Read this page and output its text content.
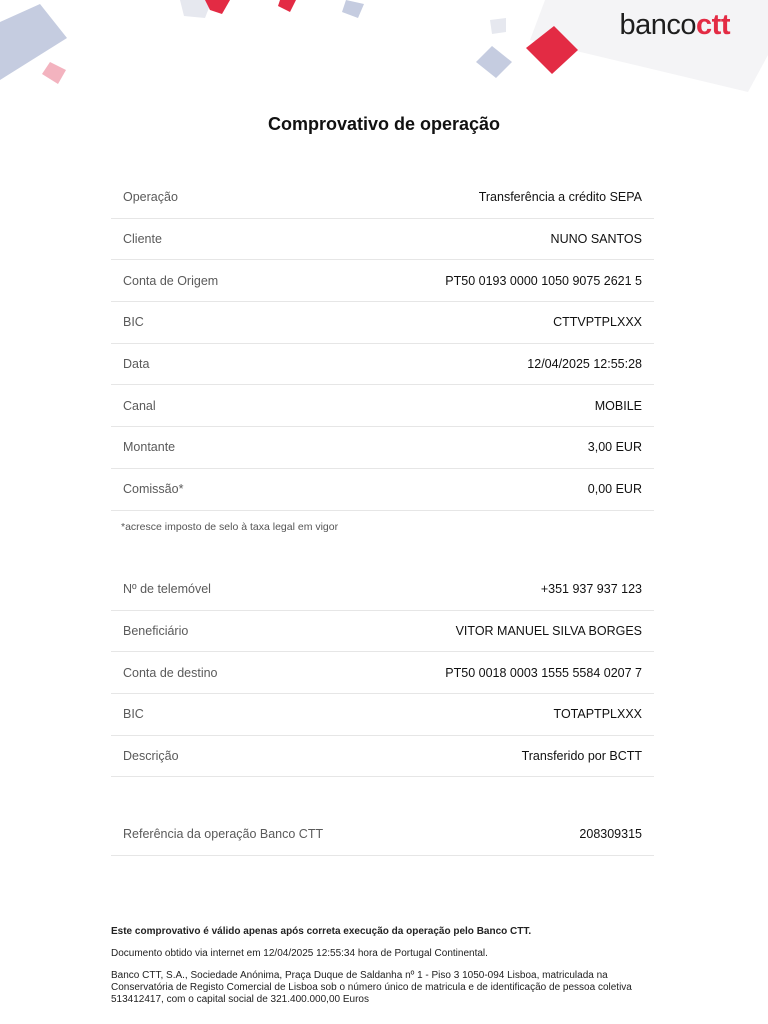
bancoctt
Comprovativo de operação
Operação	Transferência a crédito SEPA
Cliente	NUNO SANTOS
Conta de Origem	PT50 0193 0000 1050 9075 2621 5
BIC	CTTVPTPLXXX
Data	12/04/2025 12:55:28
Canal	MOBILE
Montante	3,00 EUR
Comissão*	0,00 EUR
*acresce imposto de selo à taxa legal em vigor
Nº de telemóvel	+351 937 937 123
Beneficiário	VITOR MANUEL SILVA BORGES
Conta de destino	PT50 0018 0003 1555 5584 0207 7
BIC	TOTAPTPLXXX
Descrição	Transferido por BCTT
Referência da operação Banco CTT	208309315

Este comprovativo é válido apenas após correta execução da operação pelo Banco CTT.

Documento obtido via internet em 12/04/2025 12:55:34 hora de Portugal Continental.

Banco CTT, S.A., Sociedade Anónima, Praça Duque de Saldanha nº 1 - Piso 3 1050-094 Lisboa, matriculada na Conservatória de Registo Comercial de Lisboa sob o número único de matricula e de identificação de pessoa coletiva 513412417, com o capital social de 321.400.000,00 Euros
